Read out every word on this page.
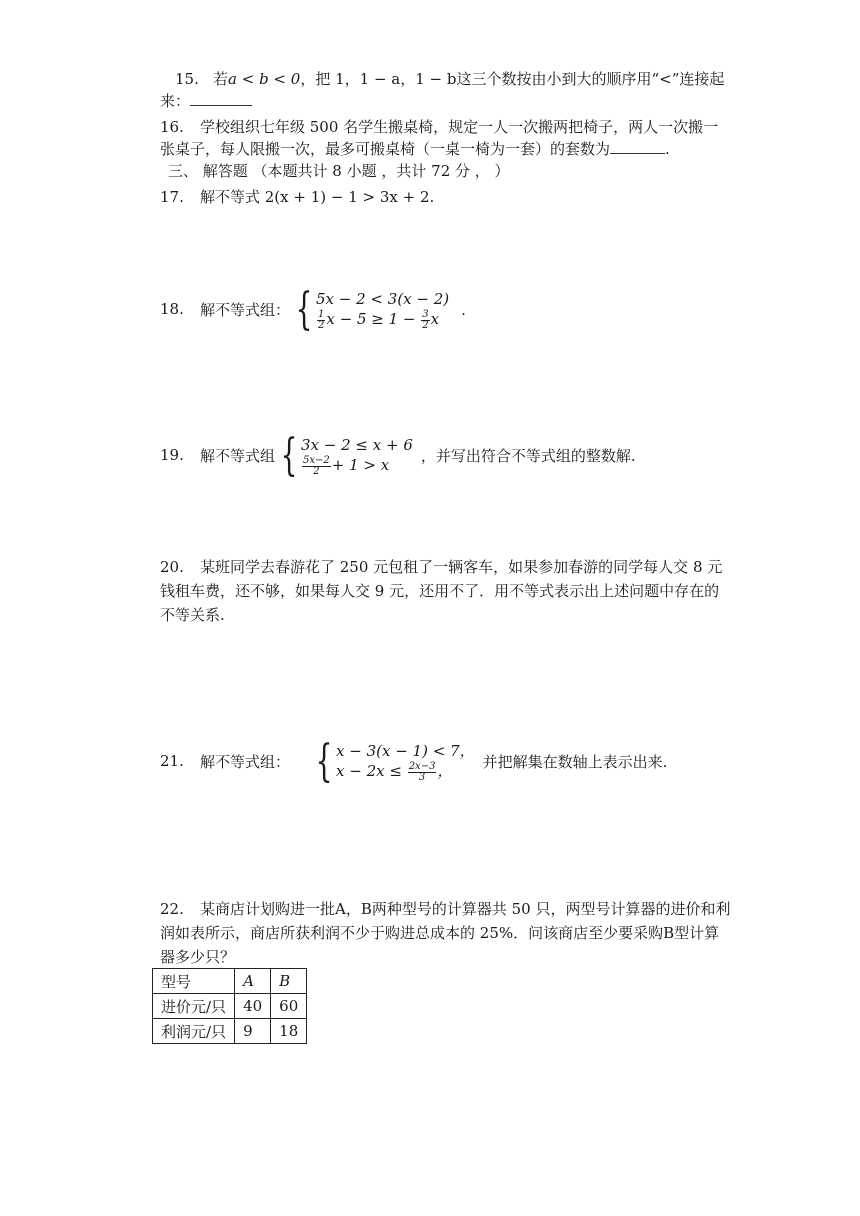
15. 若a < b < 0，把 1，1 − a，1 − b这三个数按由小到大的顺序用“<”连接起
来：
16. 学校组织七年级 500 名学生搬桌椅，规定一人一次搬两把椅子，两人一次搬一
张桌子，每人限搬一次，最多可搬桌椅（一桌一椅为一套）的套数为	.
三、 解答题 （本题共计 8 小题 ，共计 72 分 ， ）
17. 解不等式 2(x + 1) − 1 > 3x + 2.
18. 解不等式组： { 5x − 2 < 3(x − 2)
$\frac{1}{2}$ $x - 5 \ge 1 - \frac{3}{2}$ x
.
19. 解不等式组 { 3x − 2 ≤ x + 6
$\frac{5x-2}{2} + 1 > x$
，并写出符合不等式组的整数解.
20. 某班同学去春游花了 250 元包租了一辆客车，如果参加春游的同学每人交 8 元
钱租车费，还不够，如果每人交 9 元，还用不了．用不等式表示出上述问题中存在的
不等关系.
21. 解不等式组： { x − 3(x − 1) < 7，
$x - 2x \le \frac{2x-3}{3}$ ，
并把解集在数轴上表示出来.
22. 某商店计划购进一批A，B两种型号的计算器共 50 只，两型号计算器的进价和利
润如表所示，商店所获利润不少于购进总成本的 25%．问该商店至少要采购B型计算
器多少只？
型号	A	B
进价元/只	40	60
利润元/只	9	18
